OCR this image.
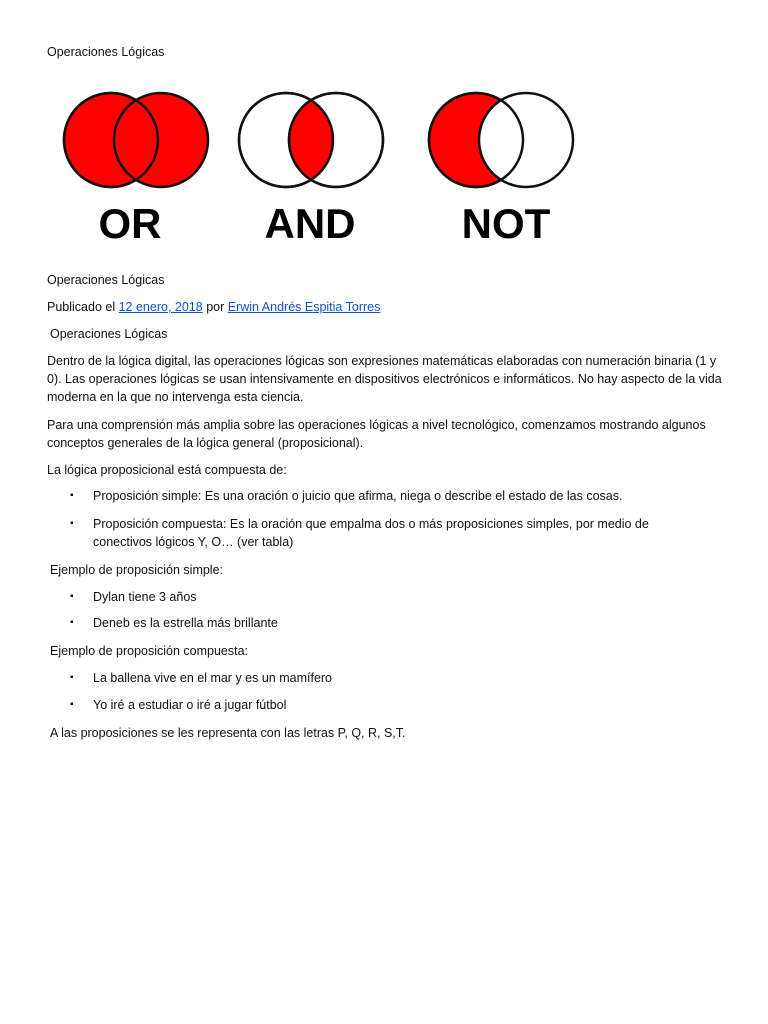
Operaciones Lógicas
OR AND	NOT
Operaciones Lógicas
Publicado el 12 enero, 2018 por Erwin Andrés Espitia Torres
Operaciones Lógicas
Dentro de la lógica digital, las operaciones lógicas son expresiones matemáticas elaboradas con numeración binaria (1 y 0). Las operaciones lógicas se usan intensivamente en dispositivos electrónicos e informáticos. No hay aspecto de la vida moderna en la que no intervenga esta ciencia.
Para una comprensión más amplia sobre las operaciones lógicas a nivel tecnológico, comenzamos mostrando algunos conceptos generales de la lógica general (proposicional).
La lógica proposicional está compuesta de:
▪ Proposición simple: Es una oración o juicio que afirma, niega o describe el estado de las cosas.
▪ Proposición compuesta: Es la oración que empalma dos o más proposiciones simples, por medio de conectivos lógicos Y, O… (ver tabla)
Ejemplo de proposición simple:
▪ Dylan tiene 3 años
▪ Deneb es la estrella más brillante
Ejemplo de proposición compuesta:
▪ La ballena vive en el mar y es un mamífero
▪ Yo iré a estudiar o iré a jugar fútbol
A las proposiciones se les representa con las letras P, Q, R, S,T.
